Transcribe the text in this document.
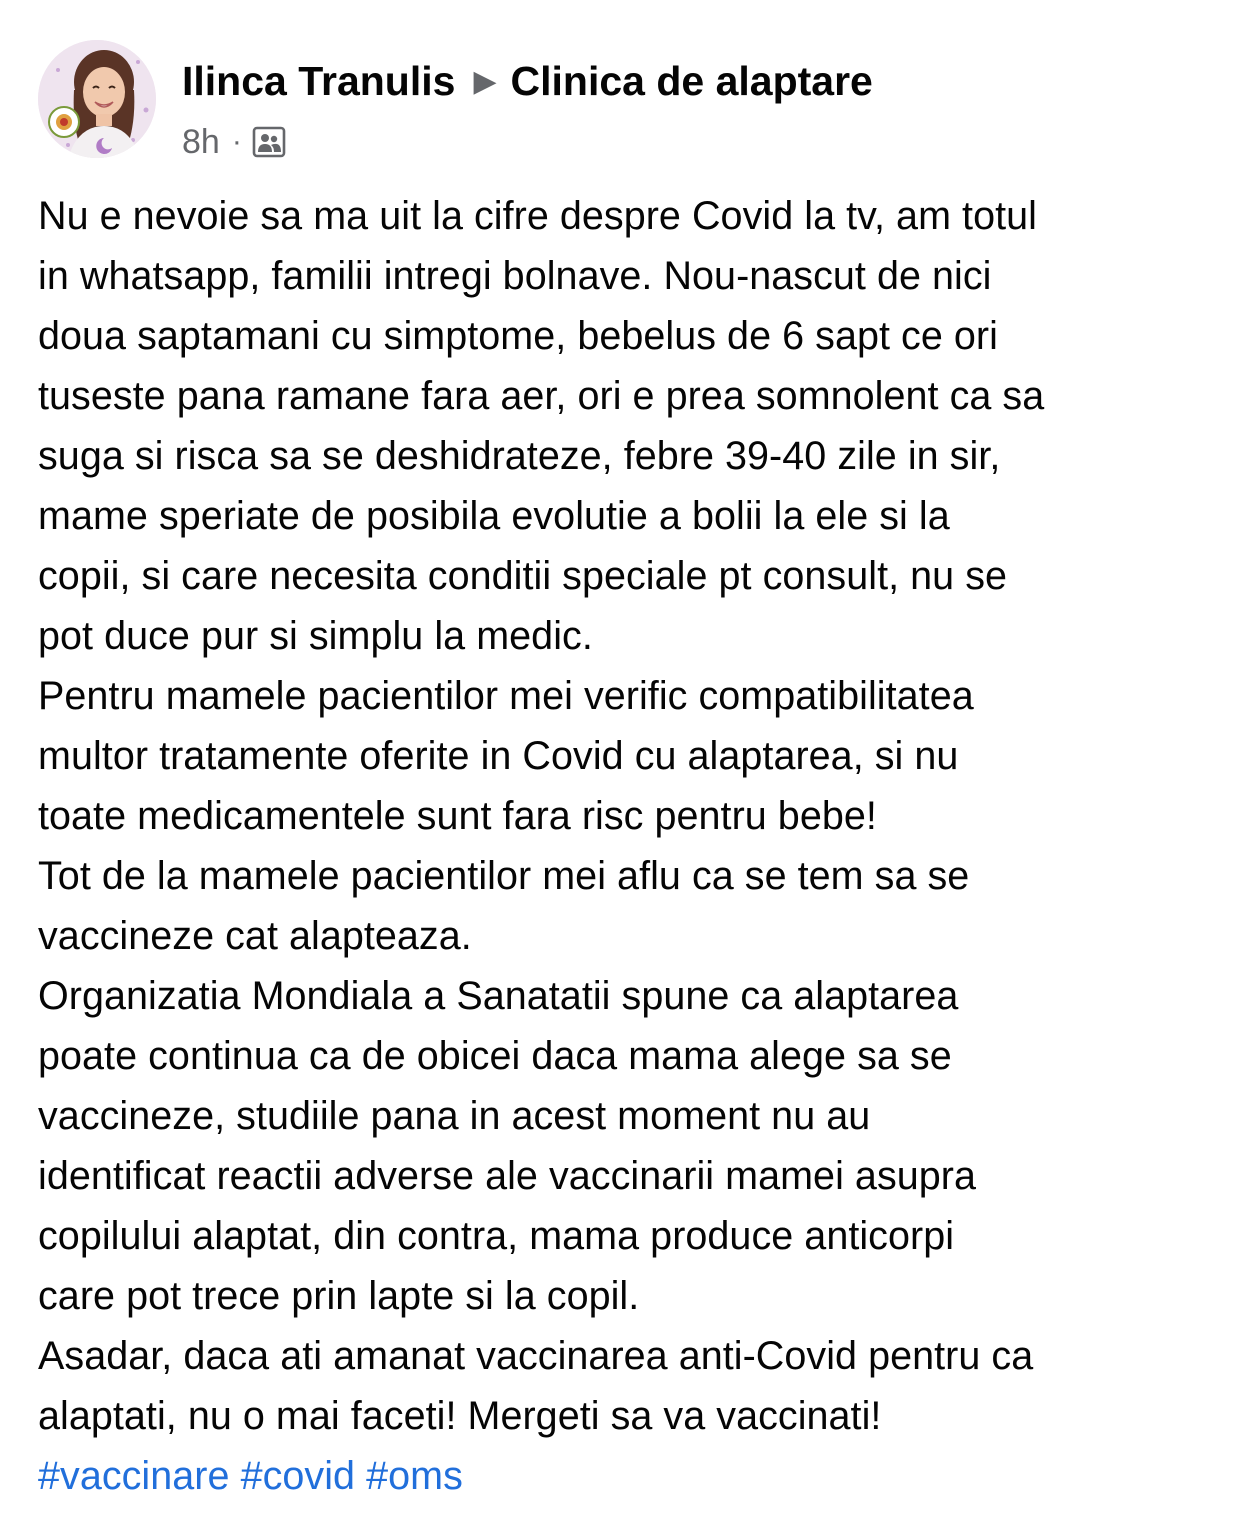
Ilinca Tranulis ▶ Clinica de alaptare
8h ·
Nu e nevoie sa ma uit la cifre despre Covid la tv, am totul
in whatsapp, familii intregi bolnave. Nou-nascut de nici
doua saptamani cu simptome, bebelus de 6 sapt ce ori
tuseste pana ramane fara aer, ori e prea somnolent ca sa
suga si risca sa se deshidrateze, febre 39-40 zile in sir,
mame speriate de posibila evolutie a bolii la ele si la
copii, si care necesita conditii speciale pt consult, nu se
pot duce pur si simplu la medic.
Pentru mamele pacientilor mei verific compatibilitatea
multor tratamente oferite in Covid cu alaptarea, si nu
toate medicamentele sunt fara risc pentru bebe!
Tot de la mamele pacientilor mei aflu ca se tem sa se
vaccineze cat alapteaza.
Organizatia Mondiala a Sanatatii spune ca alaptarea
poate continua ca de obicei daca mama alege sa se
vaccineze, studiile pana in acest moment nu au
identificat reactii adverse ale vaccinarii mamei asupra
copilului alaptat, din contra, mama produce anticorpi
care pot trece prin lapte si la copil.
Asadar, daca ati amanat vaccinarea anti-Covid pentru ca
alaptati, nu o mai faceti! Mergeti sa va vaccinati!
#vaccinare #covid #oms
